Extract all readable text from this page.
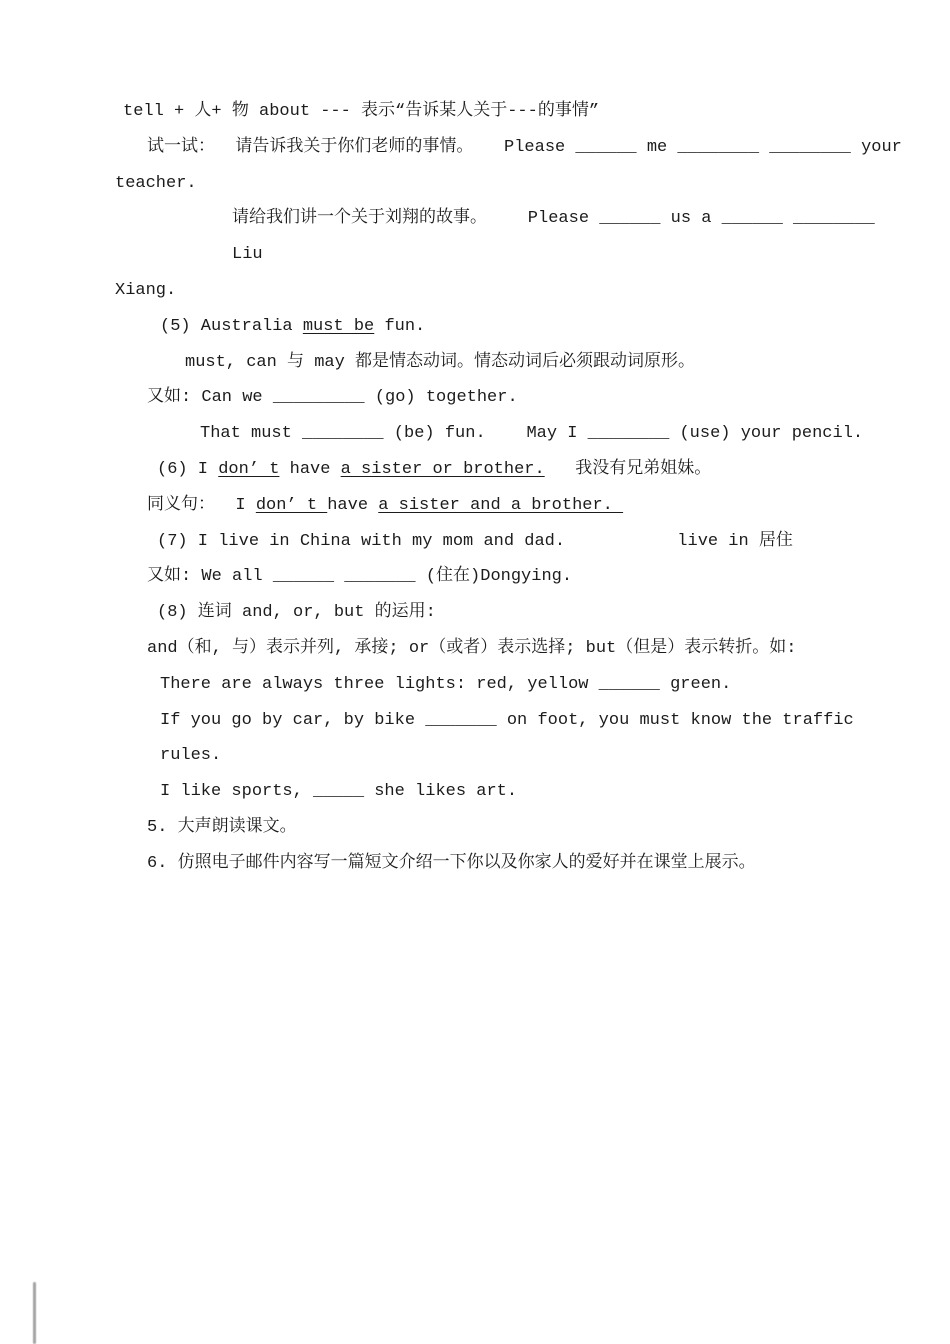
tell + 人+ 物 about --- 表示“告诉某人关于---的事情”
试一试：  请告诉我关于你们老师的事情。   Please ______ me ________ ________ your
teacher.
请给我们讲一个关于刘翔的故事。    Please ______ us a ______ ________ Liu
Xiang.
(5) Australia must be fun.
must, can 与 may 都是情态动词。情态动词后必须跟动词原形。
又如: Can we _________ (go) together.
That must ________ (be) fun.    May I ________ (use) your pencil.
(6) I don’ t have a sister or brother.   我没有兄弟姐妹。
同义句：  I don’ t have a sister and a brother.
(7) I live in China with my mom and dad.           live in 居住
又如: We all ______ _______ (住在)Dongying.
(8) 连词 and, or, but 的运用:
and（和, 与）表示并列, 承接; or（或者）表示选择; but（但是）表示转折。如:
There are always three lights: red, yellow ______ green.
If you go by car, by bike _______ on foot, you must know the traffic rules.
I like sports, _____ she likes art.
5. 大声朗读课文。
6. 仿照电子邮件内容写一篇短文介绍一下你以及你家人的爱好并在课堂上展示。
